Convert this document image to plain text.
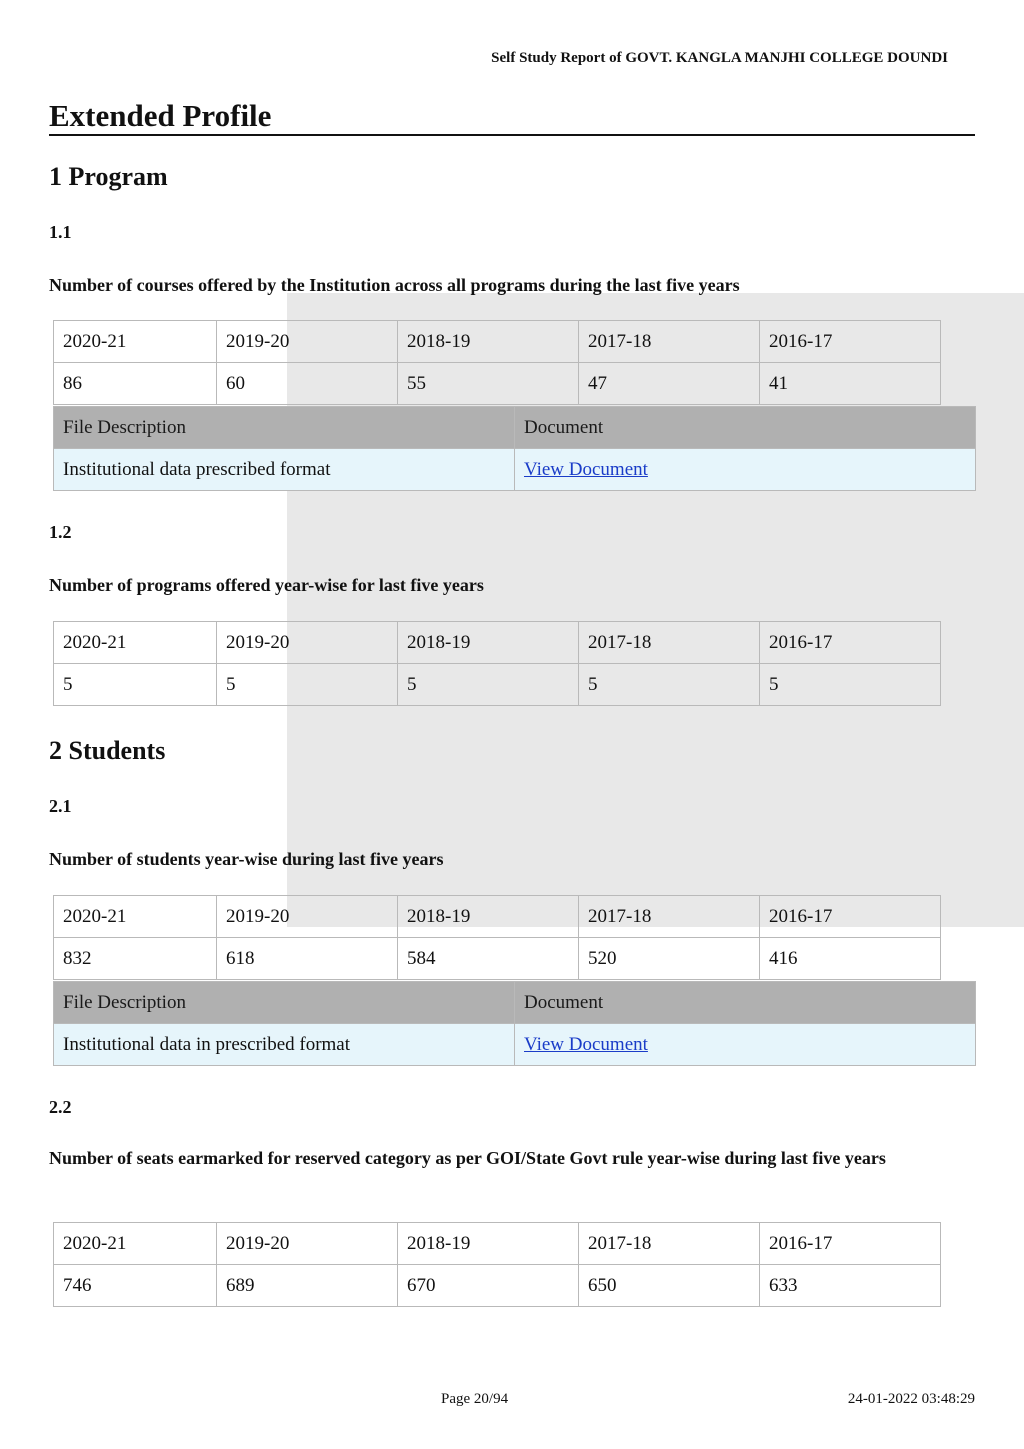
Self Study Report of GOVT. KANGLA MANJHI COLLEGE DOUNDI
Extended Profile
1 Program
1.1
Number of courses offered by the Institution across all programs during the last five years
2020-21	2019-20	2018-19	2017-18	2016-17
86	60	55	47	41
File Description	Document
Institutional data prescribed format	View Document
1.2
Number of programs offered year-wise for last five years
2020-21	2019-20	2018-19	2017-18	2016-17
5	5	5	5	5
2 Students
2.1
Number of students year-wise during last five years
2020-21	2019-20	2018-19	2017-18	2016-17
832	618	584	520	416
File Description	Document
Institutional data in prescribed format	View Document
2.2
Number of seats earmarked for reserved category as per GOI/State Govt rule year-wise during last five years
2020-21	2019-20	2018-19	2017-18	2016-17
746	689	670	650	633
Page 20/94	24-01-2022 03:48:29
